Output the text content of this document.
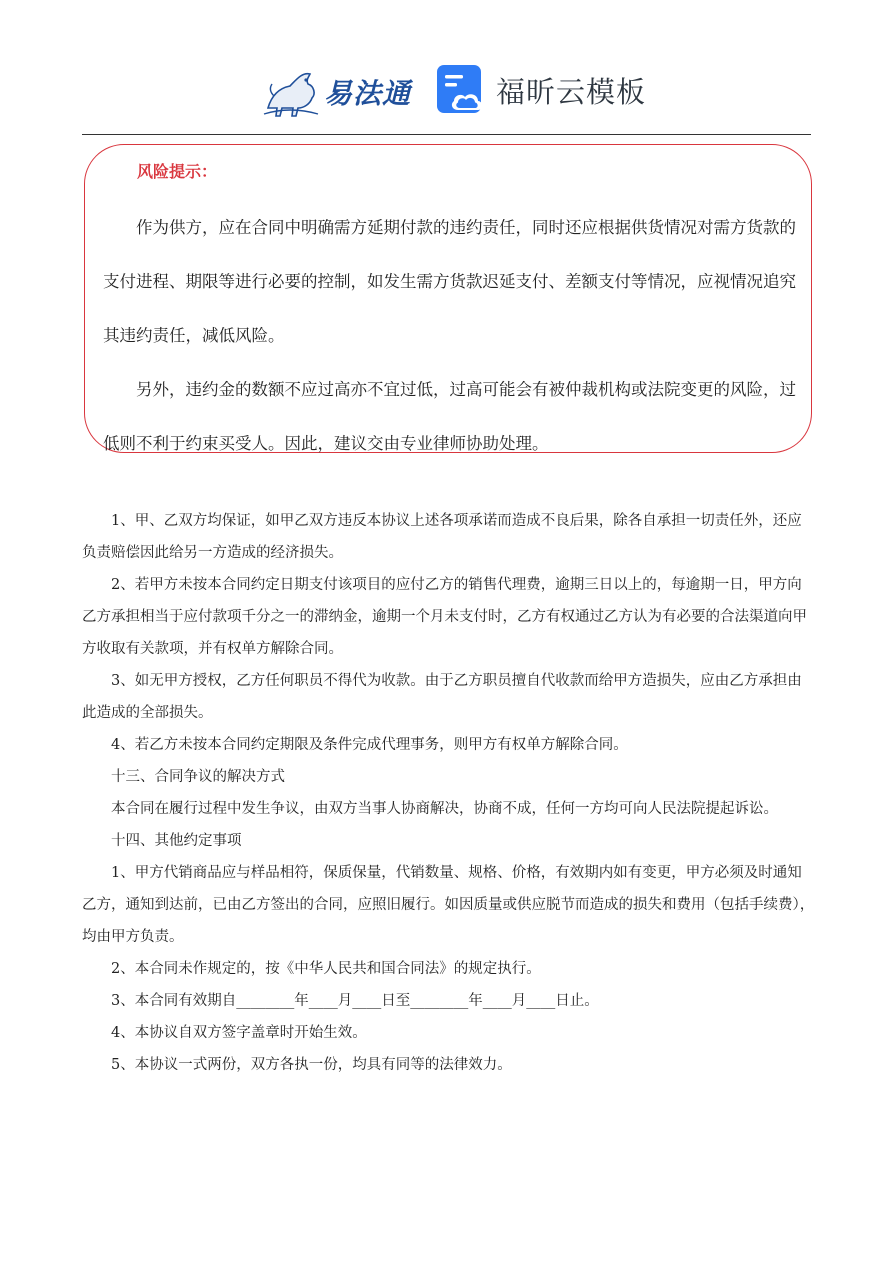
易法通	福昕云模板
风险提示：

作为供方，应在合同中明确需方延期付款的违约责任，同时还应根据供货情况对需方货款的支付进程、期限等进行必要的控制，如发生需方货款迟延支付、差额支付等情况，应视情况追究其违约责任，减低风险。

另外，违约金的数额不应过高亦不宜过低，过高可能会有被仲裁机构或法院变更的风险，过低则不利于约束买受人。因此，建议交由专业律师协助处理。

1、甲、乙双方均保证，如甲乙双方违反本协议上述各项承诺而造成不良后果，除各自承担一切责任外，还应负责赔偿因此给另一方造成的经济损失。

2、若甲方未按本合同约定日期支付该项目的应付乙方的销售代理费，逾期三日以上的，每逾期一日，甲方向乙方承担相当于应付款项千分之一的滞纳金，逾期一个月未支付时，乙方有权通过乙方认为有必要的合法渠道向甲方收取有关款项，并有权单方解除合同。

3、如无甲方授权，乙方任何职员不得代为收款。由于乙方职员擅自代收款而给甲方造损失，应由乙方承担由此造成的全部损失。

4、若乙方未按本合同约定期限及条件完成代理事务，则甲方有权单方解除合同。

十三、合同争议的解决方式

本合同在履行过程中发生争议，由双方当事人协商解决，协商不成，任何一方均可向人民法院提起诉讼。

十四、其他约定事项

1、甲方代销商品应与样品相符，保质保量，代销数量、规格、价格，有效期内如有变更，甲方必须及时通知乙方，通知到达前，已由乙方签出的合同，应照旧履行。如因质量或供应脱节而造成的损失和费用（包括手续费），均由甲方负责。

2、本合同未作规定的，按《中华人民共和国合同法》的规定执行。

3、本合同有效期自________年____月____日至________年____月____日止。

4、本协议自双方签字盖章时开始生效。

5、本协议一式两份，双方各执一份，均具有同等的法律效力。
